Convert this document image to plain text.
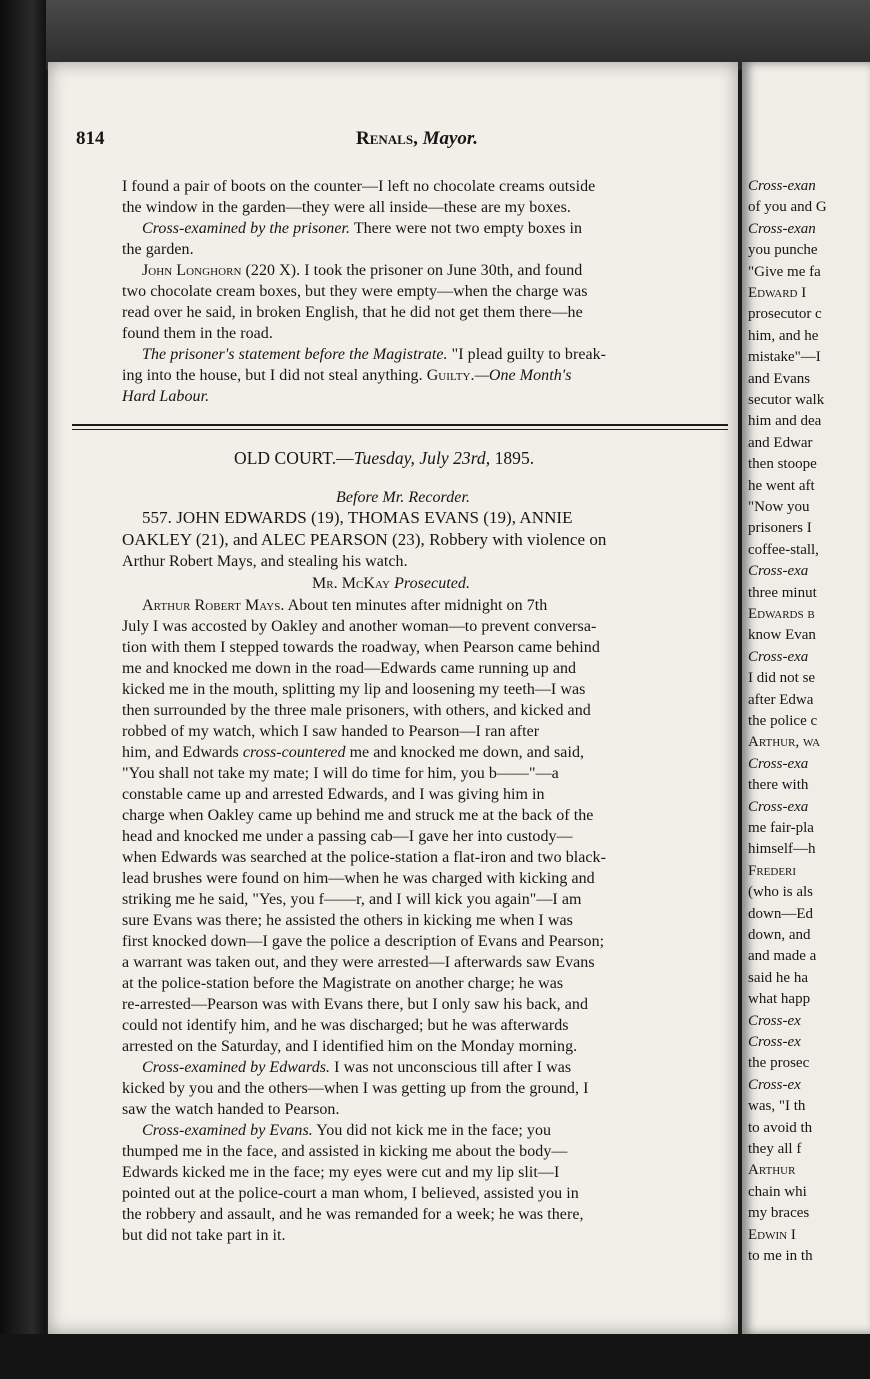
814	Renals, Mayor.
I found a pair of boots on the counter—I left no chocolate creams outside
the window in the garden—they were all inside—these are my boxes.
Cross-examined by the prisoner. There were not two empty boxes in
the garden.
John Longhorn (220 X). I took the prisoner on June 30th, and found
two chocolate cream boxes, but they were empty—when the charge was
read over he said, in broken English, that he did not get them there—he
found them in the road.
The prisoner's statement before the Magistrate. "I plead guilty to break-
ing into the house, but I did not steal anything. Guilty.—One Month's
Hard Labour.
OLD COURT.—Tuesday, July 23rd, 1895.
Before Mr. Recorder.
557. JOHN EDWARDS (19), THOMAS EVANS (19), ANNIE
OAKLEY (21), and ALEC PEARSON (23), Robbery with violence on
Arthur Robert Mays, and stealing his watch.
Mr. McKay Prosecuted.
Arthur Robert Mays. About ten minutes after midnight on 7th
July I was accosted by Oakley and another woman—to prevent conversa-
tion with them I stepped towards the roadway, when Pearson came behind
me and knocked me down in the road—Edwards came running up and
kicked me in the mouth, splitting my lip and loosening my teeth—I was
then surrounded by the three male prisoners, with others, and kicked and
robbed of my watch, which I saw handed to Pearson—I ran after
him, and Edwards cross-countered me and knocked me down, and said,
"You shall not take my mate; I will do time for him, you b——"—a
constable came up and arrested Edwards, and I was giving him in
charge when Oakley came up behind me and struck me at the back of the
head and knocked me under a passing cab—I gave her into custody—
when Edwards was searched at the police-station a flat-iron and two black-
lead brushes were found on him—when he was charged with kicking and
striking me he said, "Yes, you f——r, and I will kick you again"—I am
sure Evans was there; he assisted the others in kicking me when I was
first knocked down—I gave the police a description of Evans and Pearson;
a warrant was taken out, and they were arrested—I afterwards saw Evans
at the police-station before the Magistrate on another charge; he was
re-arrested—Pearson was with Evans there, but I only saw his back, and
could not identify him, and he was discharged; but he was afterwards
arrested on the Saturday, and I identified him on the Monday morning.
Cross-examined by Edwards. I was not unconscious till after I was
kicked by you and the others—when I was getting up from the ground, I
saw the watch handed to Pearson.
Cross-examined by Evans. You did not kick me in the face; you
thumped me in the face, and assisted in kicking me about the body—
Edwards kicked me in the face; my eyes were cut and my lip slit—I
pointed out at the police-court a man whom, I believed, assisted you in
the robbery and assault, and he was remanded for a week; he was there,
but did not take part in it.
Cross-exan
of you and G
Cross-exan
you punche
"Give me fa
Edward I
prosecutor c
him, and he
mistake"—I
and Evans
secutor walk
him and dea
and Edwar
then stoope
he went aft
"Now you
prisoners I
coffee-stall,
Cross-exa
three minut
Edwards b
know Evan
Cross-exa
I did not se
after Edwa
the police c
Arthur, wa
Cross-exa
there with
Cross-exa
me fair-pla
himself—h
Frederi
(who is als
down—Ed
down, and
and made a
said he ha
what happ
Cross-ex
Cross-ex
the prosec
Cross-ex
was, "I th
to avoid th
they all f
Arthur
chain whi
my braces
Edwin I
to me in th
